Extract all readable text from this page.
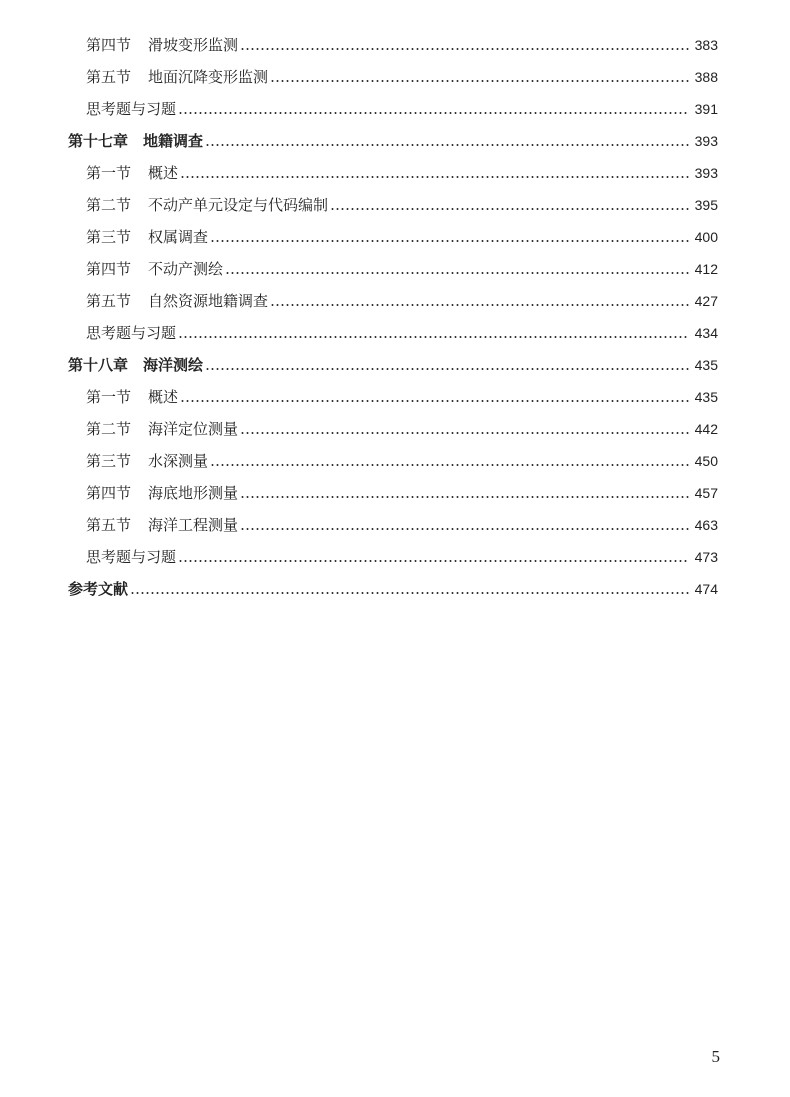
第四节	滑坡变形监测	383
第五节	地面沉降变形监测	388
思考题与习题	391
第十七章　地籍调查	393
第一节	概述	393
第二节	不动产单元设定与代码编制	395
第三节	权属调查	400
第四节	不动产测绘	412
第五节	自然资源地籍调查	427
思考题与习题	434
第十八章　海洋测绘	435
第一节	概述	435
第二节	海洋定位测量	442
第三节	水深测量	450
第四节	海底地形测量	457
第五节	海洋工程测量	463
思考题与习题	473
参考文献	474
5
